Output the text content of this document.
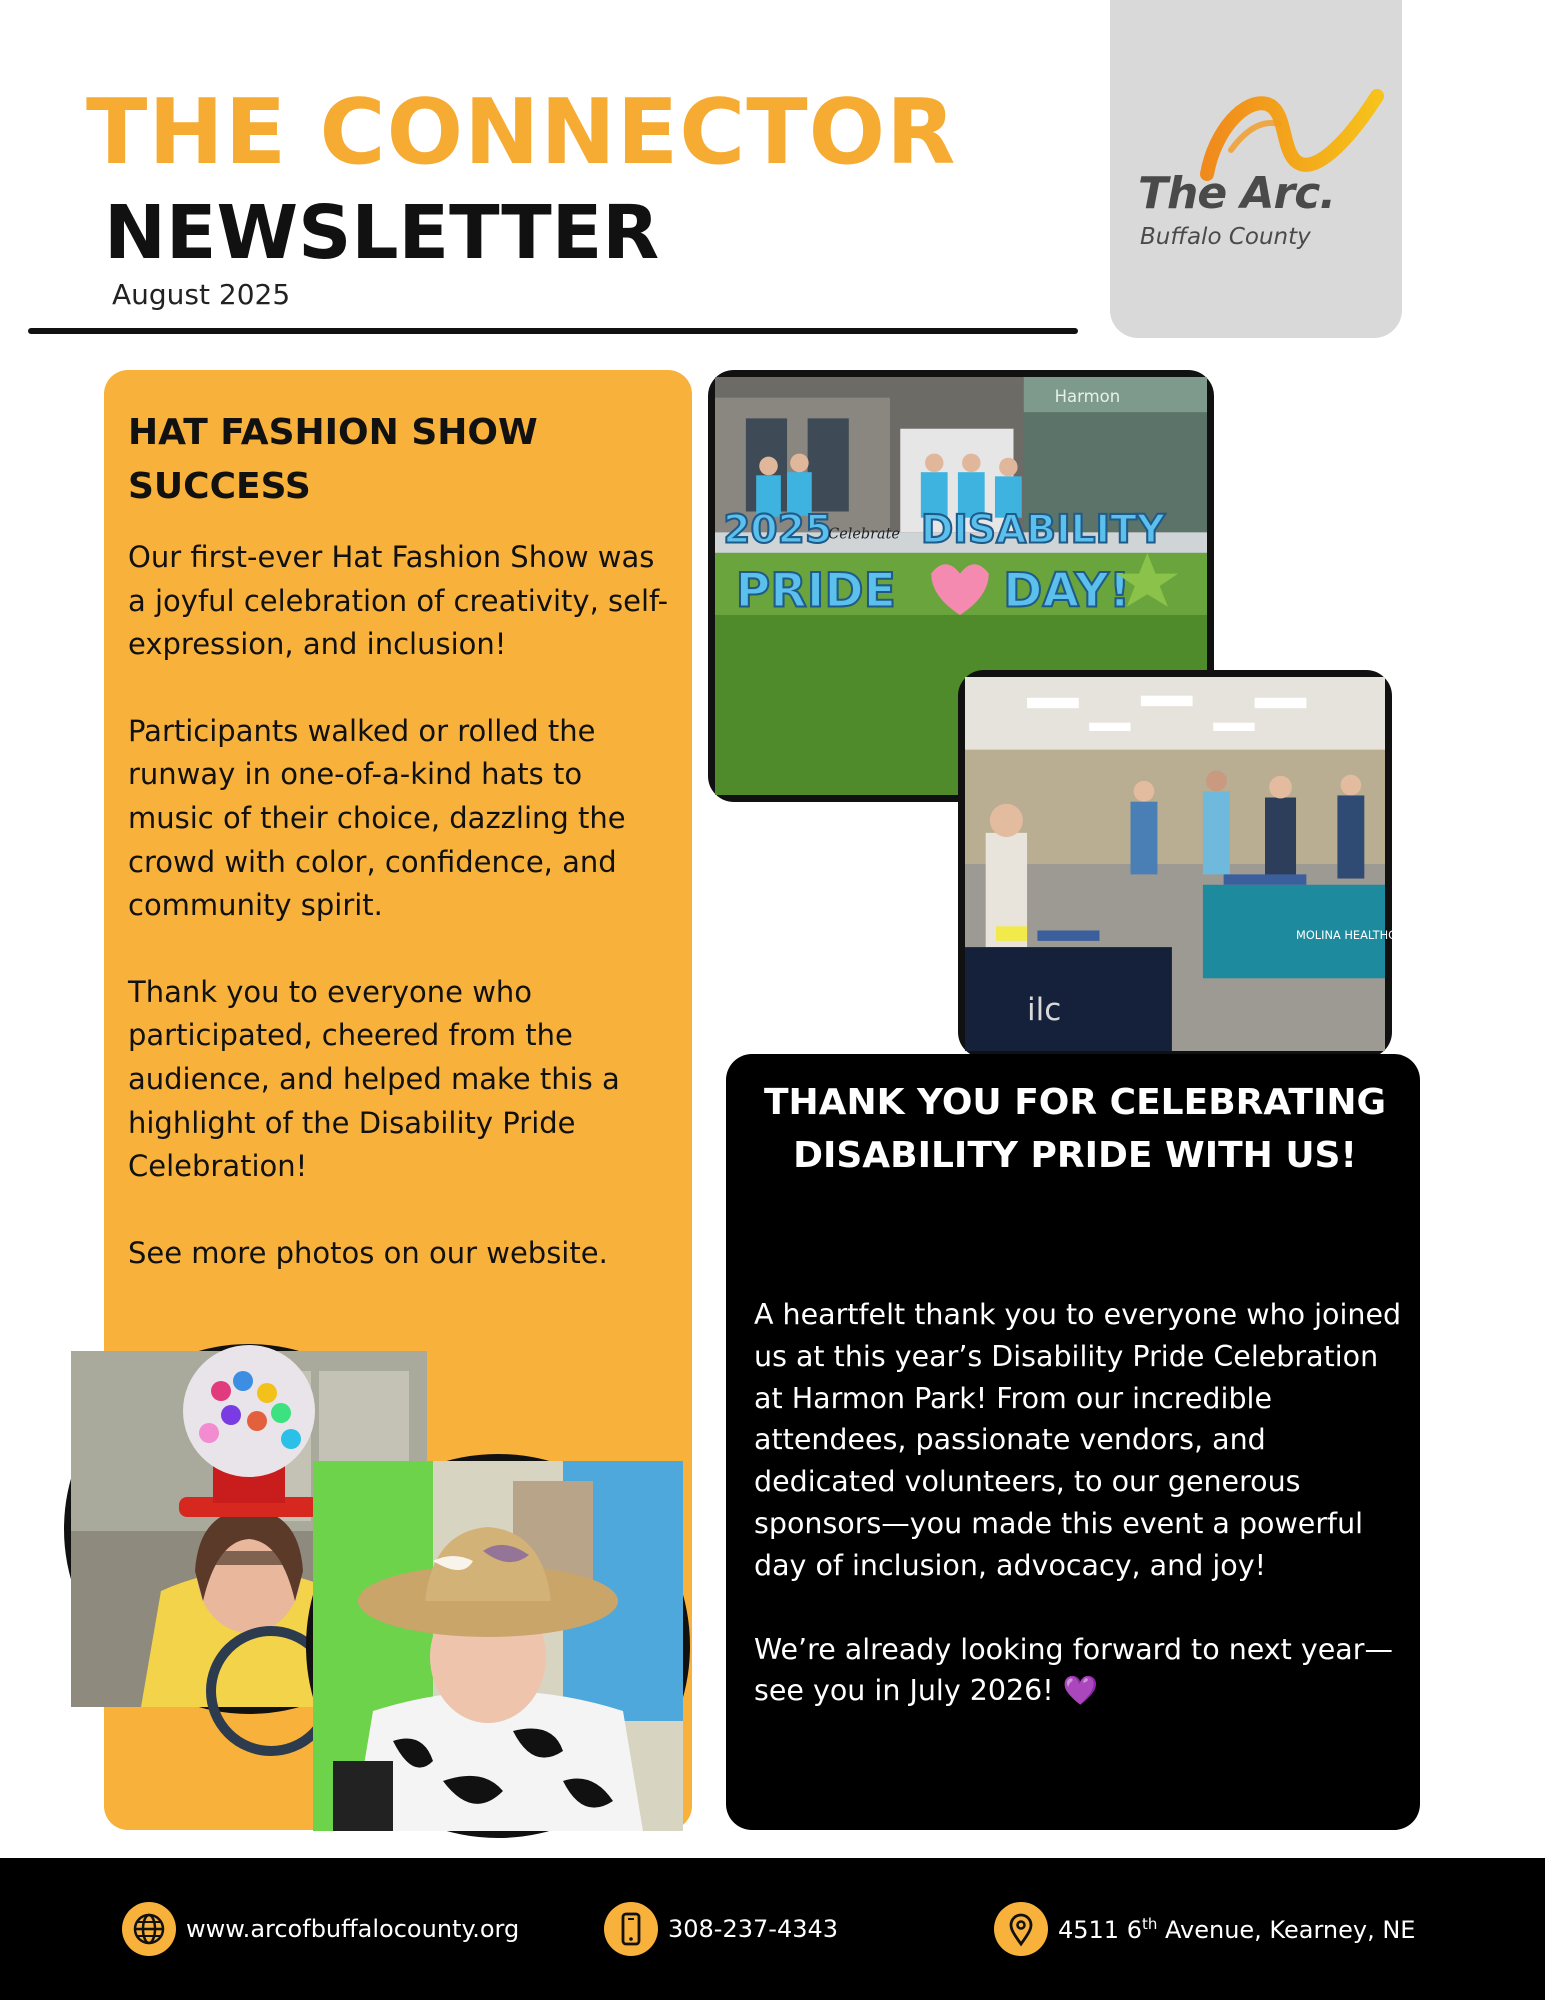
THE CONNECTOR
NEWSLETTER
August 2025
The Arc.
Buffalo County
HAT FASHION SHOW SUCCESS

Our first-ever Hat Fashion Show was a joyful celebration of creativity, self-expression, and inclusion!

Participants walked or rolled the runway in one-of-a-kind hats to music of their choice, dazzling the crowd with color, confidence, and community spirit.

Thank you to everyone who participated, cheered from the audience, and helped make this a highlight of the Disability Pride Celebration!

See more photos on our website.

Harmon
2025
Celebrate DISABILITY
PRIDE DAY!
ilc
MOLINA HEALTHCARE
THANK YOU FOR CELEBRATING DISABILITY PRIDE WITH US!

A heartfelt thank you to everyone who joined us at this year’s Disability Pride Celebration at Harmon Park! From our incredible attendees, passionate vendors, and dedicated volunteers, to our generous sponsors—you made this event a powerful day of inclusion, advocacy, and joy!

We’re already looking forward to next year—see you in July 2026! 💜

www.arcofbuffalocounty.org	308-237-4343	4511 6th Avenue, Kearney, NE
